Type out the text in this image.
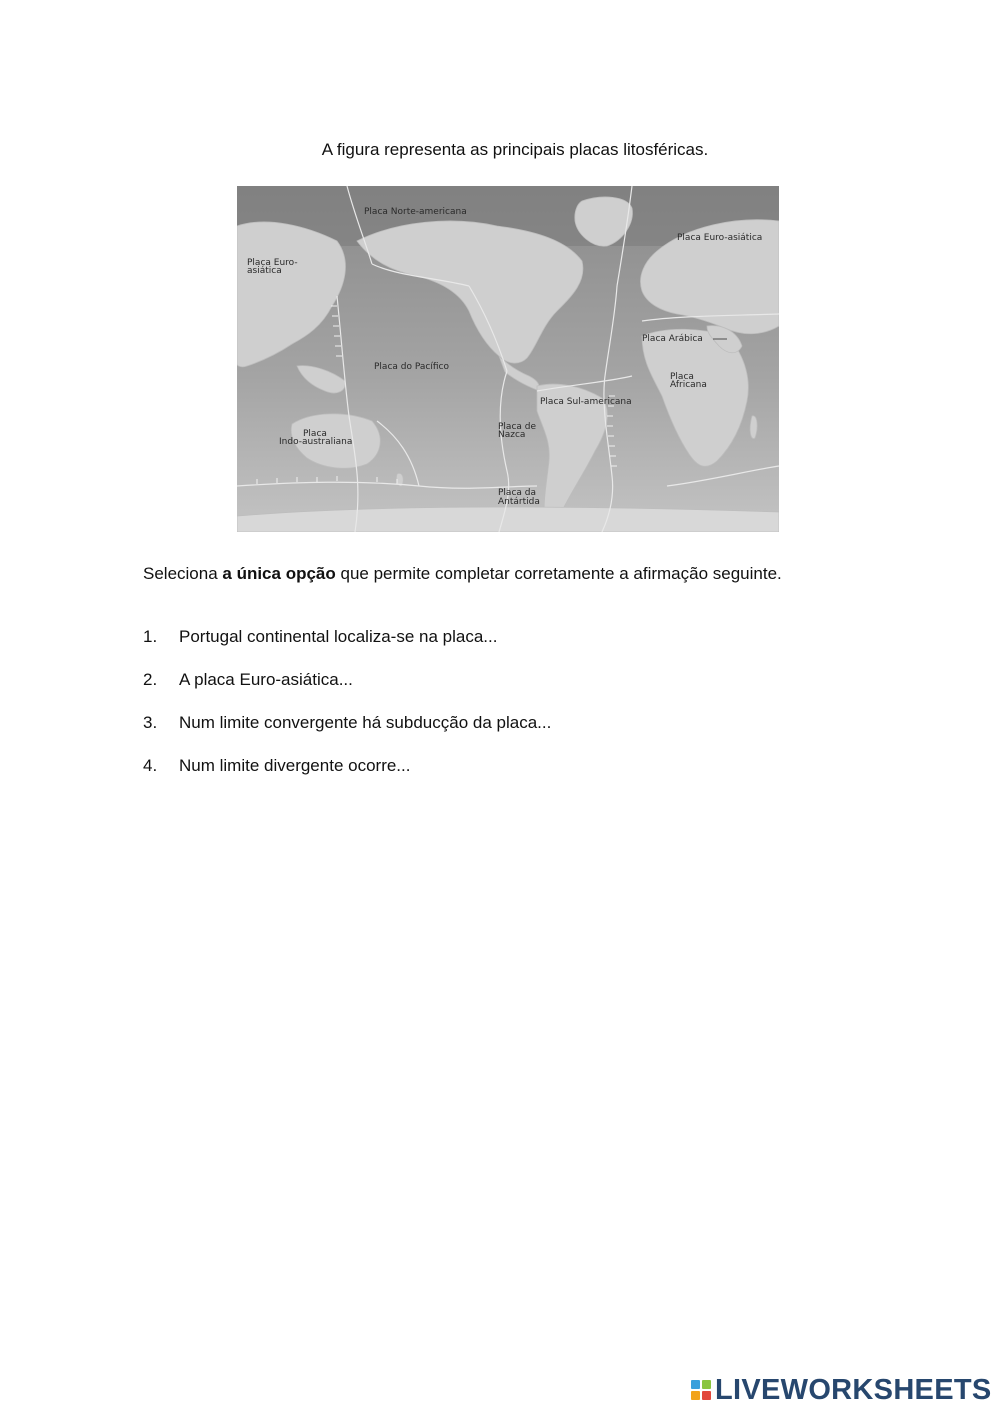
A figura representa as principais placas litosféricas.
Placa Norte-americana
Placa Euro-asiática
Placa Euro-
asiática
Placa do Pacífico
Placa Arábica
Placa
Africana
Placa Sul-americana
Placa
Indo-australiana
Placa de
Nazca
Placa da
Antártida
Seleciona a única opção que permite completar corretamente a afirmação seguinte.
1.	Portugal continental localiza-se na placa...
2.	A placa Euro-asiática...
3.	Num limite convergente há subducção da placa...
4.	Num limite divergente ocorre...
LIVEWORKSHEETS
